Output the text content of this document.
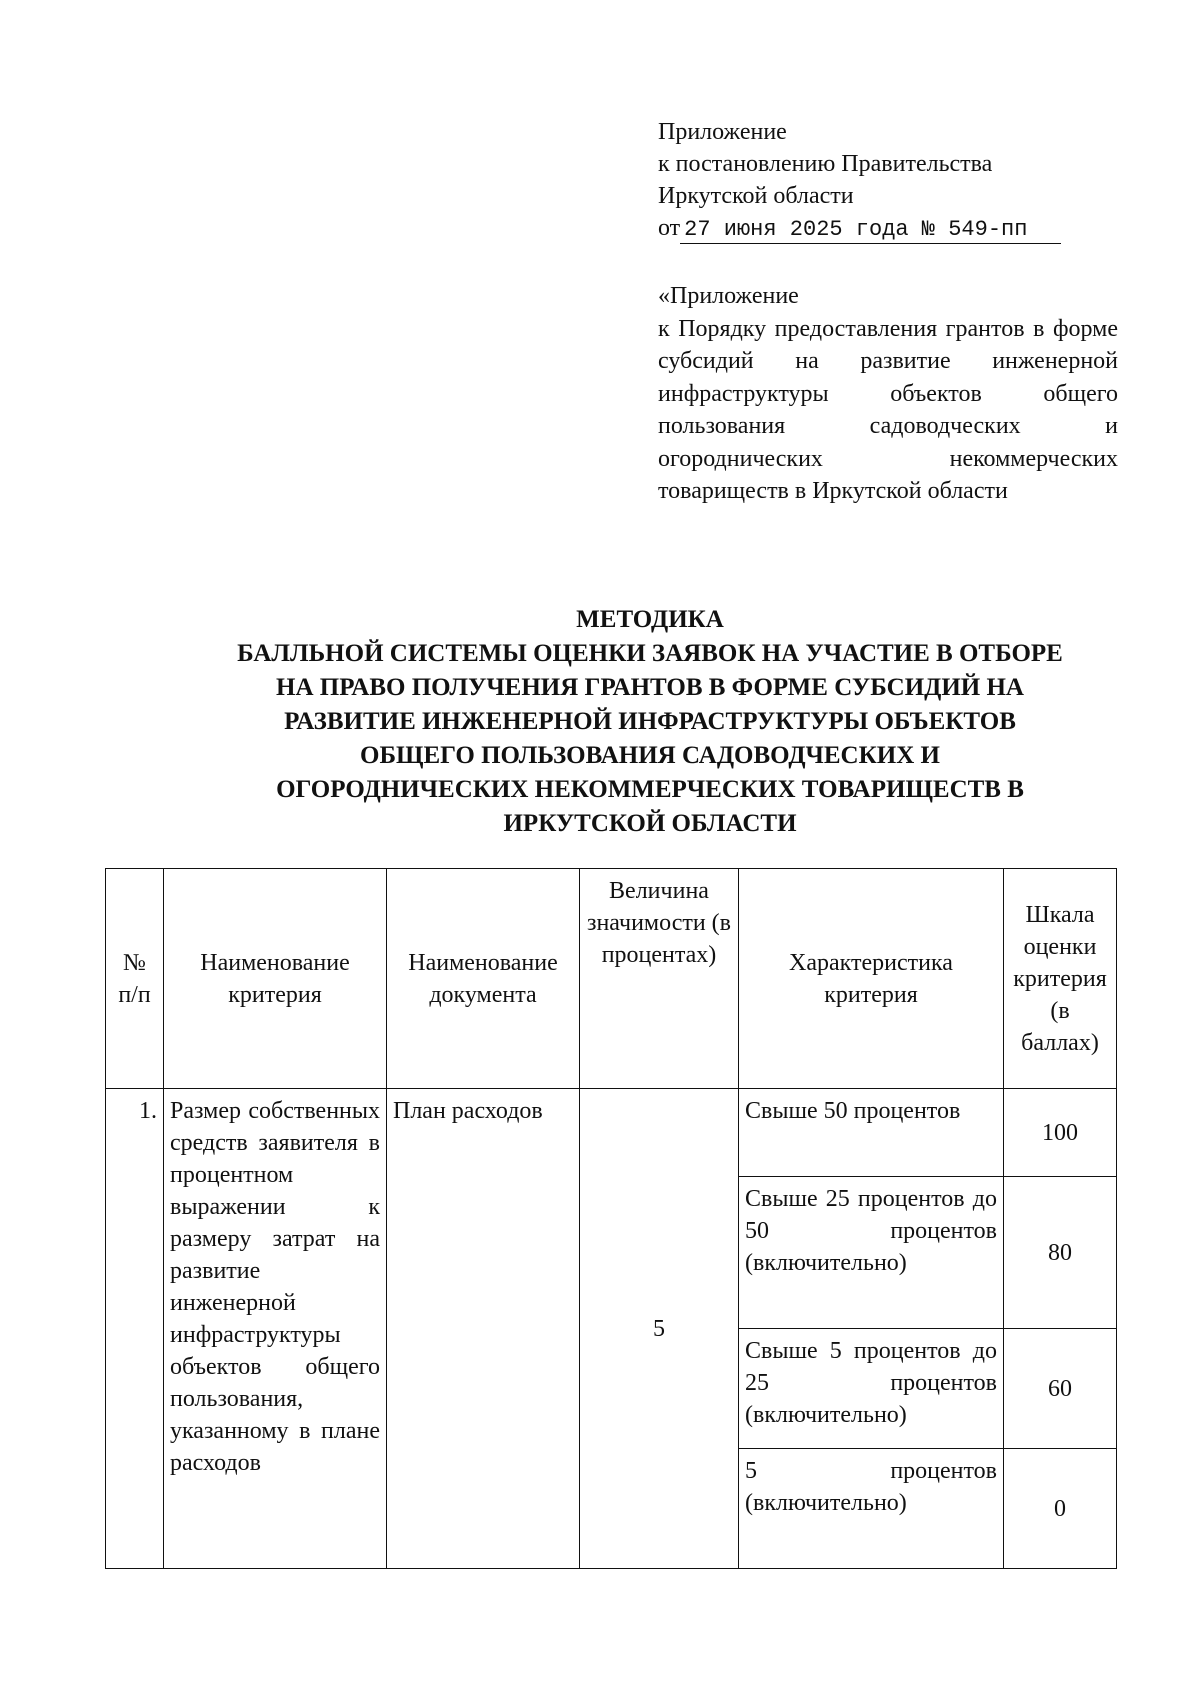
Приложение
к постановлению Правительства
Иркутской области
от 27 июня 2025 года № 549-пп
«Приложение
к Порядку предоставления грантов в форме субсидий на развитие инженерной инфраструктуры объектов общего пользования садоводческих и огороднических некоммерческих товариществ в Иркутской области
МЕТОДИКА
БАЛЛЬНОЙ СИСТЕМЫ ОЦЕНКИ ЗАЯВОК НА УЧАСТИЕ В ОТБОРЕ
НА ПРАВО ПОЛУЧЕНИЯ ГРАНТОВ В ФОРМЕ СУБСИДИЙ НА
РАЗВИТИЕ ИНЖЕНЕРНОЙ ИНФРАСТРУКТУРЫ ОБЪЕКТОВ
ОБЩЕГО ПОЛЬЗОВАНИЯ САДОВОДЧЕСКИХ И
ОГОРОДНИЧЕСКИХ НЕКОММЕРЧЕСКИХ ТОВАРИЩЕСТВ В
ИРКУТСКОЙ ОБЛАСТИ
№ п/п	Наименование критерия	Наименование документа	Величина значимости (в процентах)	Характеристика критерия	Шкала оценки критерия (в баллах)
1.	Размер собственных средств заявителя в процентном выражении к размеру затрат на развитие инженерной инфраструктуры объектов общего пользования, указанному в плане расходов	План расходов	5	Свыше 50 процентов	100
				Свыше 25 процентов до 50 процентов (включительно)	80
				Свыше 5 процентов до 25 процентов (включительно)	60
				5 процентов (включительно)	0
